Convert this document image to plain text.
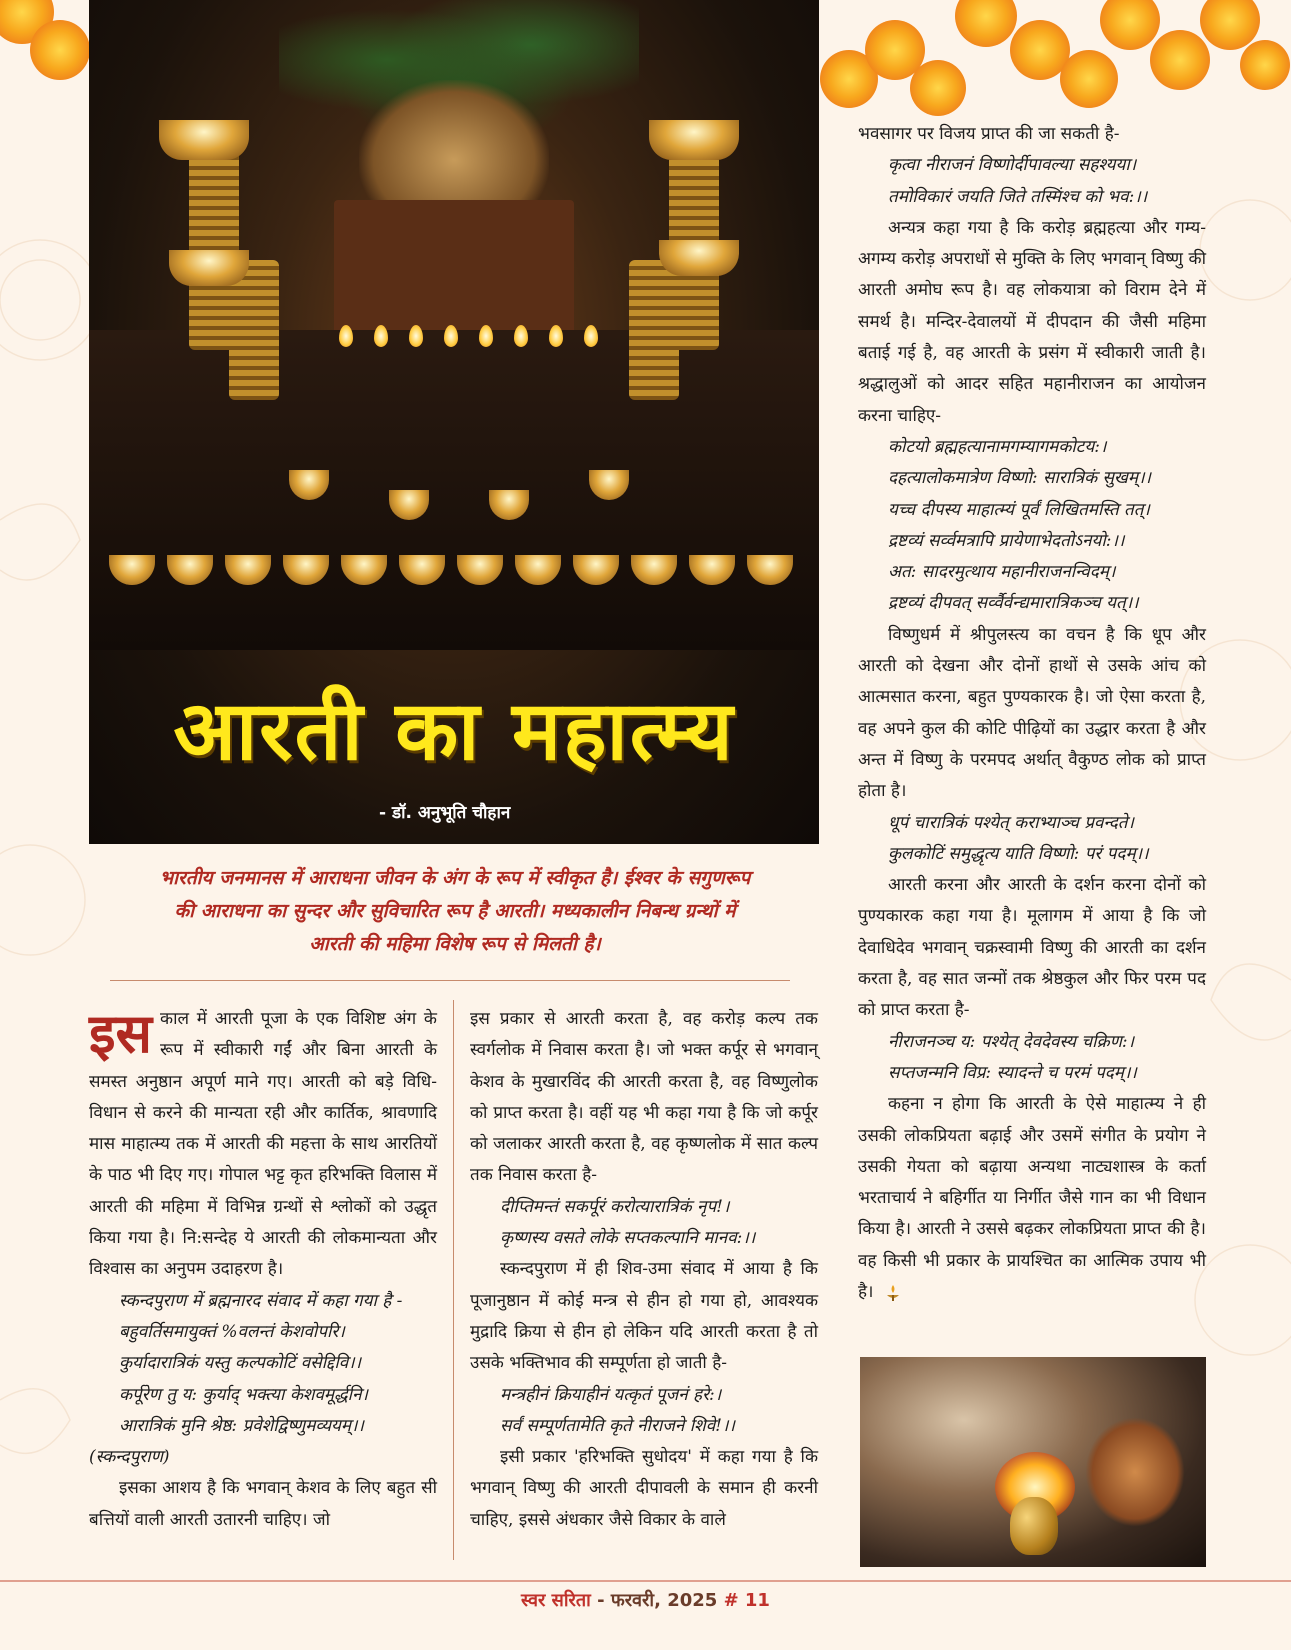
आरती का महात्म्य
- डॉ. अनुभूति चौहान
भारतीय जनमानस में आराधना जीवन के अंग के रूप में स्वीकृत है। ईश्वर के सगुणरूप
की आराधना का सुन्दर और सुविचारित रूप है आरती। मध्यकालीन निबन्ध ग्रन्थों में
आरती की महिमा विशेष रूप से मिलती है।
इस काल में आरती पूजा के एक विशिष्ट अंग के रूप में स्वीकारी गईं और बिना आरती के समस्त अनुष्ठान अपूर्ण माने गए। आरती को बड़े विधि-विधान से करने की मान्यता रही और कार्तिक, श्रावणादि मास माहात्म्य तक में आरती की महत्ता के साथ आरतियों के पाठ भी दिए गए। गोपाल भट्ट कृत हरिभक्ति विलास में आरती की महिमा में विभिन्न ग्रन्थों से श्लोकों को उद्धृत किया गया है। नि:सन्देह ये आरती की लोकमान्यता और विश्वास का अनुपम उदाहरण है।

स्कन्दपुराण में ब्रह्मनारद संवाद में कहा गया है -
बहुवर्तिसमायुक्तं %वलन्तं केशवोपरि।
कुर्यादारात्रिकं यस्तु कल्पकोटिं वसेद्दिवि।।
कर्पूरेण तु य: कुर्याद् भक्त्या केशवमूर्द्धनि।
आरात्रिकं मुनि श्रेष्ठ: प्रवेशेद्विष्णुमव्ययम्।।
(स्कन्दपुराण)

इसका आशय है कि भगवान् केशव के लिए बहुत सी बत्तियों वाली आरती उतारनी चाहिए। जो

इस प्रकार से आरती करता है, वह करोड़ कल्प तक स्वर्गलोक में निवास करता है। जो भक्त कर्पूर से भगवान् केशव के मुखारविंद की आरती करता है, वह विष्णुलोक को प्राप्त करता है। वहीं यह भी कहा गया है कि जो कर्पूर को जलाकर आरती करता है, वह कृष्णलोक में सात कल्प तक निवास करता है-

दीप्तिमन्तं सकर्पूरं करोत्यारात्रिकं नृप!।
कृष्णस्य वसते लोके सप्तकल्पानि मानव:।।

स्कन्दपुराण में ही शिव-उमा संवाद में आया है कि पूजानुष्ठान में कोई मन्त्र से हीन हो गया हो, आवश्यक मुद्रादि क्रिया से हीन हो लेकिन यदि आरती करता है तो उसके भक्तिभाव की सम्पूर्णता हो जाती है-

मन्त्रहीनं क्रियाहीनं यत्कृतं पूजनं हरे:।
सर्वं सम्पूर्णतामेति कृते नीराजने शिवे!।।

इसी प्रकार 'हरिभक्ति सुधोदय' में कहा गया है कि भगवान् विष्णु की आरती दीपावली के समान ही करनी चाहिए, इससे अंधकार जैसे विकार के वाले

भवसागर पर विजय प्राप्त की जा सकती है-

कृत्वा नीराजनं विष्णोर्दीपावल्या सहश्यया।
तमोविकारं जयति जिते तस्मिंश्च को भव:।।

अन्यत्र कहा गया है कि करोड़ ब्रह्महत्या और गम्य-अगम्य करोड़ अपराधों से मुक्ति के लिए भगवान् विष्णु की आरती अमोघ रूप है। वह लोकयात्रा को विराम देने में समर्थ है। मन्दिर-देवालयों में दीपदान की जैसी महिमा बताई गई है, वह आरती के प्रसंग में स्वीकारी जाती है। श्रद्धालुओं को आदर सहित महानीराजन का आयोजन करना चाहिए-

कोटयो ब्रह्महत्यानामगम्यागमकोटय:।
दहत्यालोकमात्रेण विष्णो: सारात्रिकं सुखम्।।
यच्च दीपस्य माहात्म्यं पूर्वं लिखितमस्ति तत्।
द्रष्टव्यं सर्व्वमत्रापि प्रायेणाभेदतोऽनयो:।।
अत: सादरमुत्थाय महानीराजनन्विदम्।
द्रष्टव्यं दीपवत् सर्व्वैर्वन्द्यमारात्रिकञ्च यत्।।

विष्णुधर्म में श्रीपुलस्त्य का वचन है कि धूप और आरती को देखना और दोनों हाथों से उसके आंच को आत्मसात करना, बहुत पुण्यकारक है। जो ऐसा करता है, वह अपने कुल की कोटि पीढ़ियों का उद्धार करता है और अन्त में विष्णु के परमपद अर्थात् वैकुण्ठ लोक को प्राप्त होता है।

धूपं चारात्रिकं पश्येत् कराभ्याञ्च प्रवन्दते।
कुलकोटिं समुद्धृत्य याति विष्णो: परं पदम्।।

आरती करना और आरती के दर्शन करना दोनों को पुण्यकारक कहा गया है। मूलागम में आया है कि जो देवाधिदेव भगवान् चक्रस्वामी विष्णु की आरती का दर्शन करता है, वह सात जन्मों तक श्रेष्ठकुल और फिर परम पद को प्राप्त करता है-

नीराजनञ्च य: पश्येत् देवदेवस्य चक्रिण:।
सप्तजन्मनि विप्र: स्यादन्ते च परमं पदम्।।

कहना न होगा कि आरती के ऐसे माहात्म्य ने ही उसकी लोकप्रियता बढ़ाई और उसमें संगीत के प्रयोग ने उसकी गेयता को बढ़ाया अन्यथा नाट्यशास्त्र के कर्ता भरताचार्य ने बहिर्गीत या निर्गीत जैसे गान का भी विधान किया है। आरती ने उससे बढ़कर लोकप्रियता प्राप्त की है। वह किसी भी प्रकार के प्रायश्चित का आत्मिक उपाय भी है।

स्वर सरिता - फरवरी, 2025 # 11
